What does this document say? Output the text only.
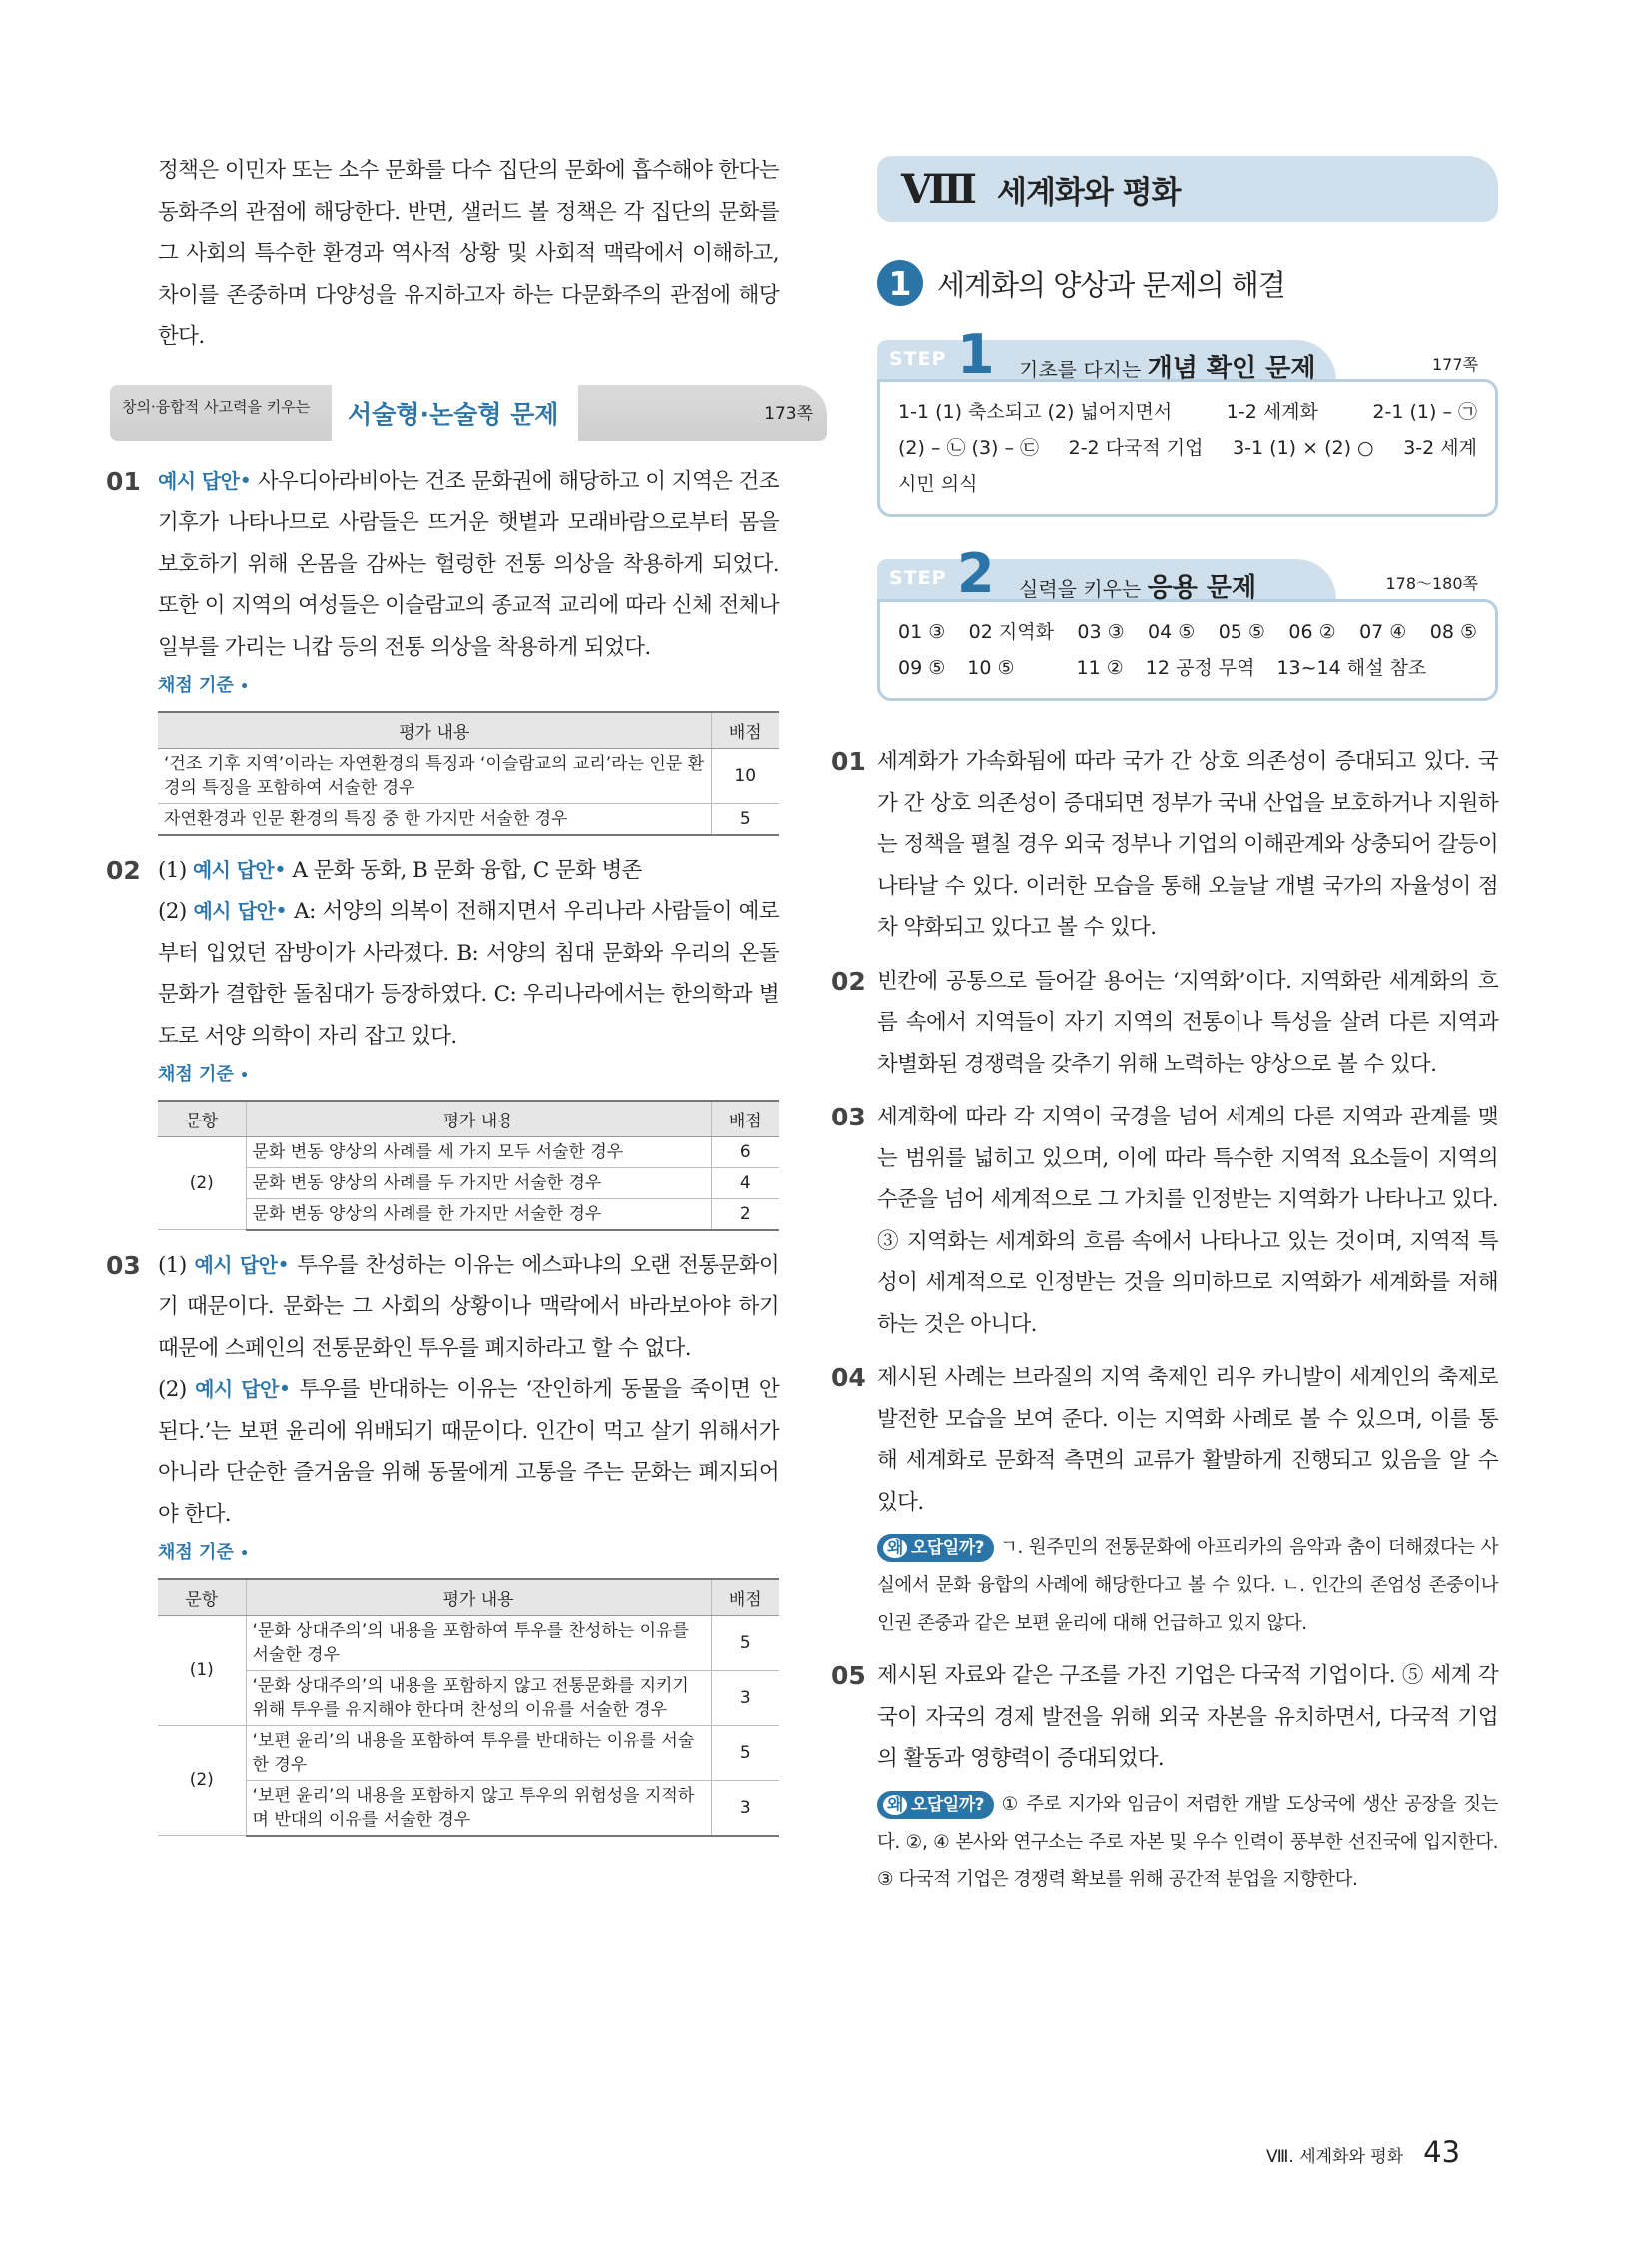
정책은 이민자 또는 소수 문화를 다수 집단의 문화에 흡수해야 한다는 동화주의 관점에 해당한다. 반면, 샐러드 볼 정책은 각 집단의 문화를 그 사회의 특수한 환경과 역사적 상황 및 사회적 맥락에서 이해하고, 차이를 존중하며 다양성을 유지하고자 하는 다문화주의 관점에 해당한다.

창의·융합적 사고력을 키우는	서술형·논술형 문제	173쪽
01 예시 답안• 사우디아라비아는 건조 문화권에 해당하고 이 지역은 건조 기후가 나타나므로 사람들은 뜨거운 햇볕과 모래바람으로부터 몸을 보호하기 위해 온몸을 감싸는 헐렁한 전통 의상을 착용하게 되었다. 또한 이 지역의 여성들은 이슬람교의 종교적 교리에 따라 신체 전체나 일부를 가리는 니캅 등의 전통 의상을 착용하게 되었다.

채점 기준 •
평가 내용	배점
‘건조 기후 지역’이라는 자연환경의 특징과 ‘이슬람교의 교리’라는 인문 환경의 특징을 포함하여 서술한 경우	10
자연환경과 인문 환경의 특징 중 한 가지만 서술한 경우	5
02 (1) 예시 답안• A 문화 동화, B 문화 융합, C 문화 병존

(2) 예시 답안• A: 서양의 의복이 전해지면서 우리나라 사람들이 예로부터 입었던 잠방이가 사라졌다. B: 서양의 침대 문화와 우리의 온돌 문화가 결합한 돌침대가 등장하였다. C: 우리나라에서는 한의학과 별도로 서양 의학이 자리 잡고 있다.

채점 기준 •
문항	평가 내용	배점
(2)	문화 변동 양상의 사례를 세 가지 모두 서술한 경우	6
	문화 변동 양상의 사례를 두 가지만 서술한 경우	4
	문화 변동 양상의 사례를 한 가지만 서술한 경우	2
03 (1) 예시 답안• 투우를 찬성하는 이유는 에스파냐의 오랜 전통문화이기 때문이다. 문화는 그 사회의 상황이나 맥락에서 바라보아야 하기 때문에 스페인의 전통문화인 투우를 폐지하라고 할 수 없다.

(2) 예시 답안• 투우를 반대하는 이유는 ‘잔인하게 동물을 죽이면 안 된다.’는 보편 윤리에 위배되기 때문이다. 인간이 먹고 살기 위해서가 아니라 단순한 즐거움을 위해 동물에게 고통을 주는 문화는 폐지되어야 한다.

채점 기준 •
문항	평가 내용	배점
(1)	‘문화 상대주의’의 내용을 포함하여 투우를 찬성하는 이유를 서술한 경우	5
	‘문화 상대주의’의 내용을 포함하지 않고 전통문화를 지키기 위해 투우를 유지해야 한다며 찬성의 이유를 서술한 경우	3
(2)	‘보편 윤리’의 내용을 포함하여 투우를 반대하는 이유를 서술한 경우	5
	‘보편 윤리’의 내용을 포함하지 않고 투우의 위험성을 지적하며 반대의 이유를 서술한 경우	3
Ⅷ 세계화와 평화
1 세계화의 양상과 문제의 해결
STEP 1 기초를 다지는 개념 확인 문제	177쪽
1-1 (1) 축소되고 (2) 넓어지면서	1-2 세계화	2-1 (1) – ㉠
(2) – ㉡ (3) – ㉢ 2-2 다국적 기업 3-1 (1) × (2) ○ 3-2 세계
시민 의식
STEP 2 실력을 키우는 응용 문제	178～180쪽
01 ③ 02 지역화 03 ③ 04 ⑤ 05 ⑤ 06 ② 07 ④ 08 ⑤
09 ⑤ 10 ⑤	11 ② 12 공정 무역 13~14 해설 참조
01 세계화가 가속화됨에 따라 국가 간 상호 의존성이 증대되고 있다. 국가 간 상호 의존성이 증대되면 정부가 국내 산업을 보호하거나 지원하는 정책을 펼칠 경우 외국 정부나 기업의 이해관계와 상충되어 갈등이 나타날 수 있다. 이러한 모습을 통해 오늘날 개별 국가의 자율성이 점차 약화되고 있다고 볼 수 있다.

02 빈칸에 공통으로 들어갈 용어는 ‘지역화’이다. 지역화란 세계화의 흐름 속에서 지역들이 자기 지역의 전통이나 특성을 살려 다른 지역과 차별화된 경쟁력을 갖추기 위해 노력하는 양상으로 볼 수 있다.

03 세계화에 따라 각 지역이 국경을 넘어 세계의 다른 지역과 관계를 맺는 범위를 넓히고 있으며, 이에 따라 특수한 지역적 요소들이 지역의 수준을 넘어 세계적으로 그 가치를 인정받는 지역화가 나타나고 있다. ③ 지역화는 세계화의 흐름 속에서 나타나고 있는 것이며, 지역적 특성이 세계적으로 인정받는 것을 의미하므로 지역화가 세계화를 저해하는 것은 아니다.

04 제시된 사례는 브라질의 지역 축제인 리우 카니발이 세계인의 축제로 발전한 모습을 보여 준다. 이는 지역화 사례로 볼 수 있으며, 이를 통해 세계화로 문화적 측면의 교류가 활발하게 진행되고 있음을 알 수 있다.

왜 오답일까? ㄱ. 원주민의 전통문화에 아프리카의 음악과 춤이 더해졌다는 사실에서 문화 융합의 사례에 해당한다고 볼 수 있다. ㄴ. 인간의 존엄성 존중이나 인권 존중과 같은 보편 윤리에 대해 언급하고 있지 않다.

05 제시된 자료와 같은 구조를 가진 기업은 다국적 기업이다. ⑤ 세계 각국이 자국의 경제 발전을 위해 외국 자본을 유치하면서, 다국적 기업의 활동과 영향력이 증대되었다.

왜 오답일까? ① 주로 지가와 임금이 저렴한 개발 도상국에 생산 공장을 짓는다. ②, ④ 본사와 연구소는 주로 자본 및 우수 인력이 풍부한 선진국에 입지한다. ③ 다국적 기업은 경쟁력 확보를 위해 공간적 분업을 지향한다.

Ⅷ. 세계화와 평화 43
